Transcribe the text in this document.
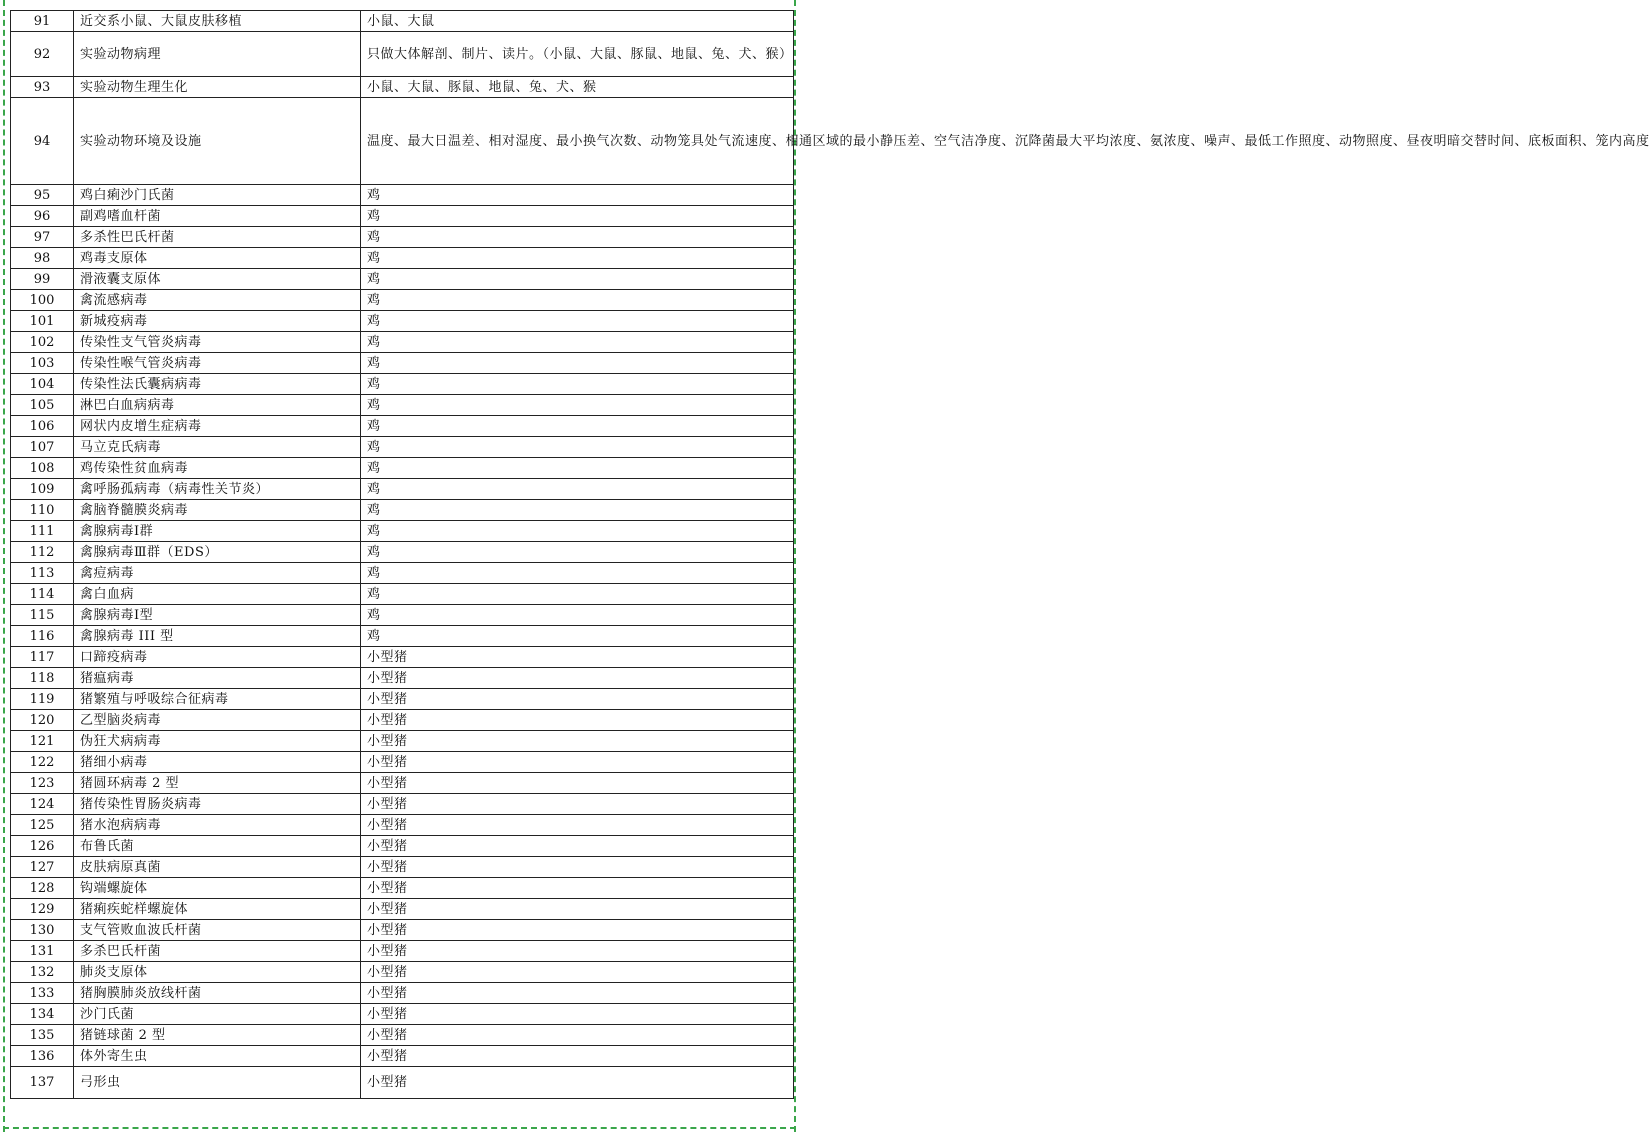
91	近交系小鼠、大鼠皮肤移植	小鼠、大鼠
92	实验动物病理	只做大体解剖、制片、读片。（小鼠、大鼠、豚鼠、地鼠、兔、犬、猴）
93	实验动物生理生化	小鼠、大鼠、豚鼠、地鼠、兔、犬、猴
94	实验动物环境及设施	温度、最大日温差、相对湿度、最小换气次数、动物笼具处气流速度、相通区域的最小静压差、空气洁净度、沉降菌最大平均浓度、氨浓度、噪声、最低工作照度、动物照度、昼夜明暗交替时间、底板面积、笼内高度
95	鸡白痢沙门氏菌	鸡
96	副鸡嗜血杆菌	鸡
97	多杀性巴氏杆菌	鸡
98	鸡毒支原体	鸡
99	滑液囊支原体	鸡
100	禽流感病毒	鸡
101	新城疫病毒	鸡
102	传染性支气管炎病毒	鸡
103	传染性喉气管炎病毒	鸡
104	传染性法氏囊病病毒	鸡
105	淋巴白血病病毒	鸡
106	网状内皮增生症病毒	鸡
107	马立克氏病毒	鸡
108	鸡传染性贫血病毒	鸡
109	禽呼肠孤病毒（病毒性关节炎）	鸡
110	禽脑脊髓膜炎病毒	鸡
111	禽腺病毒Ⅰ群	鸡
112	禽腺病毒Ⅲ群（EDS）	鸡
113	禽痘病毒	鸡
114	禽白血病	鸡
115	禽腺病毒Ⅰ型	鸡
116	禽腺病毒 III 型	鸡
117	口蹄疫病毒	小型猪
118	猪瘟病毒	小型猪
119	猪繁殖与呼吸综合征病毒	小型猪
120	乙型脑炎病毒	小型猪
121	伪狂犬病病毒	小型猪
122	猪细小病毒	小型猪
123	猪圆环病毒 2 型	小型猪
124	猪传染性胃肠炎病毒	小型猪
125	猪水泡病病毒	小型猪
126	布鲁氏菌	小型猪
127	皮肤病原真菌	小型猪
128	钩端螺旋体	小型猪
129	猪痢疾蛇样螺旋体	小型猪
130	支气管败血波氏杆菌	小型猪
131	多杀巴氏杆菌	小型猪
132	肺炎支原体	小型猪
133	猪胸膜肺炎放线杆菌	小型猪
134	沙门氏菌	小型猪
135	猪链球菌 2 型	小型猪
136	体外寄生虫	小型猪
137	弓形虫	小型猪
